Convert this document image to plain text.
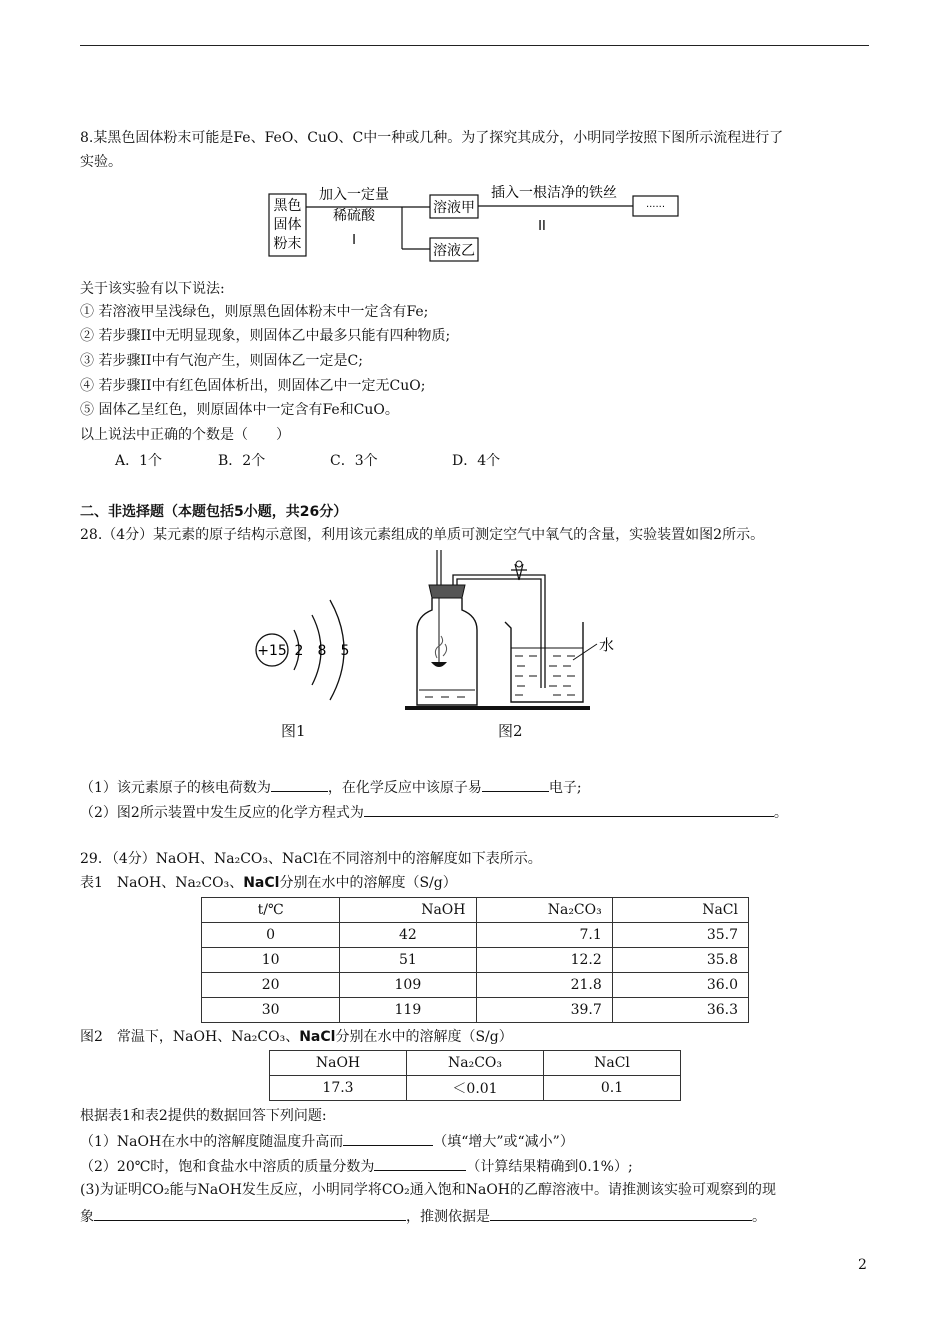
8.某黑色固体粉末可能是Fe、FeO、CuO、C中一种或几种。为了探究其成分，小明同学按照下图所示流程进行了
实验。
黑色
固体
粉末
加入一定量
稀硫酸
I
溶液甲
溶液乙
插入一根洁净的铁丝
II
······
关于该实验有以下说法:
① 若溶液甲呈浅绿色，则原黑色固体粉末中一定含有Fe;
② 若步骤II中无明显现象，则固体乙中最多只能有四种物质;
③ 若步骤II中有气泡产生，则固体乙一定是C;
④ 若步骤II中有红色固体析出，则固体乙中一定无CuO;
⑤ 固体乙呈红色，则原固体中一定含有Fe和CuO。
以上说法中正确的个数是（　　）
A．1个	B．2个	C．3个	D．4个
二、非选择题（本题包括5小题，共26分）
28.（4分）某元素的原子结构示意图，利用该元素组成的单质可测定空气中氧气的含量，实验装置如图2所示。
+15 2 8 5	水
图1	图2
（1）该元素原子的核电荷数为	，在化学反应中该原子易	电子;
（2）图2所示装置中发生反应的化学方程式为	。
29．（4分）NaOH、Na₂CO₃、NaCl在不同溶剂中的溶解度如下表所示。
表1　NaOH、Na₂CO₃、NaCl分别在水中的溶解度（S/g）
t/℃	NaOH	Na₂CO₃	NaCl
0	42	7.1	35.7
10	51	12.2	35.8
20	109	21.8	36.0
30	119	39.7	36.3
图2　常温下，NaOH、Na₂CO₃、NaCl分别在水中的溶解度（S/g）
NaOH	Na₂CO₃	NaCl
17.3	＜0.01	0.1
根据表1和表2提供的数据回答下列问题:
（1）NaOH在水中的溶解度随温度升高而	（填“增大”或“减小”）
（2）20℃时，饱和食盐水中溶质的质量分数为	（计算结果精确到0.1%）;
(3)为证明CO₂能与NaOH发生反应，小明同学将CO₂通入饱和NaOH的乙醇溶液中。请推测该实验可观察到的现
象	，推测依据是	。
2
